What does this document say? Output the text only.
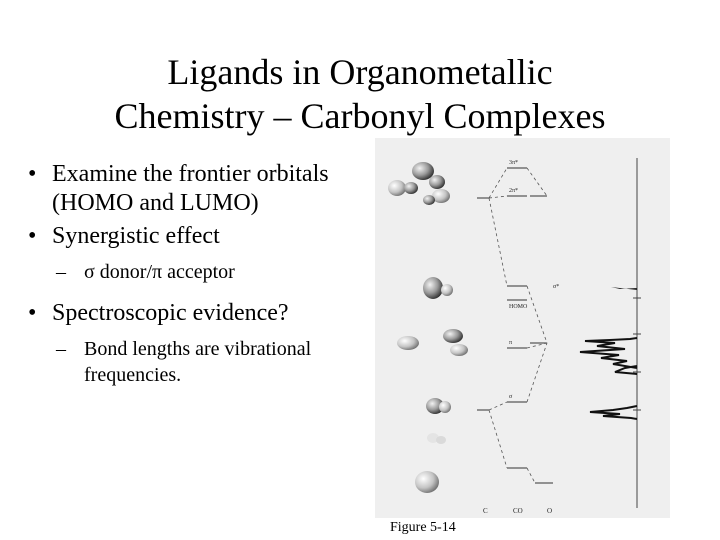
Ligands in Organometallic
Chemistry – Carbonyl Complexes
• Examine the frontier orbitals (HOMO and LUMO)
• Synergistic effect
– σ donor/π acceptor
• Spectroscopic evidence?
– Bond lengths are vibrational frequencies.
3π*
2π*
HOMO
σ*
σ
π
C	CO	O
Figure 5-14
